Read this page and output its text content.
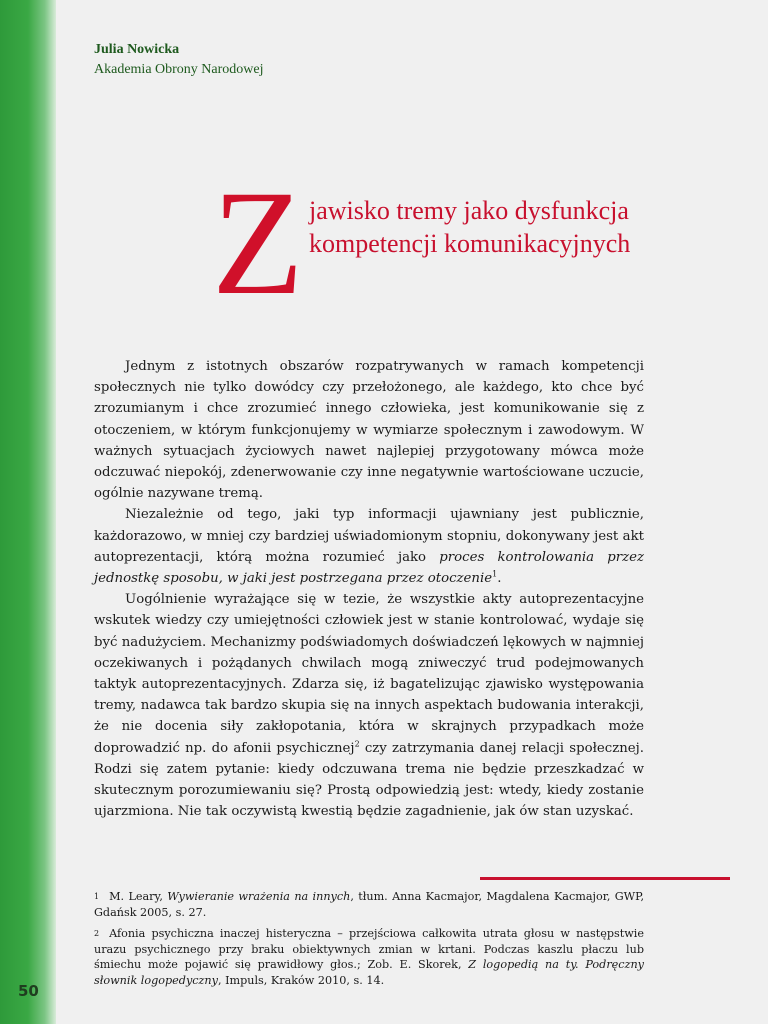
50
Julia Nowicka
Akademia Obrony Narodowej
Z jawisko tremy jako dysfunkcja
kompetencji komunikacyjnych

Jednym z istotnych obszarów rozpatrywanych w ramach kompetencji społecznych nie tylko dowódcy czy przełożonego, ale każdego, kto chce być zrozumianym i chce zrozumieć innego człowieka, jest komunikowanie się z otoczeniem, w którym funkcjonujemy w wymiarze społecznym i zawodowym. W ważnych sytuacjach życiowych nawet najlepiej przygotowany mówca może odczuwać niepokój, zdenerwowanie czy inne negatywnie wartościowane uczucie, ogólnie nazywane tremą.

Niezależnie od tego, jaki typ informacji ujawniany jest publicznie, każdorazowo, w mniej czy bardziej uświadomionym stopniu, dokonywany jest akt autoprezentacji, którą można rozumieć jako proces kontrolowania przez jednostkę sposobu, w jaki jest postrzegana przez otoczenie$^1$.

Uogólnienie wyrażające się w tezie, że wszystkie akty autoprezentacyjne wskutek wiedzy czy umiejętności człowiek jest w stanie kontrolować, wydaje się być nadużyciem. Mechanizmy podświadomych doświadczeń lękowych w najmniej oczekiwanych i pożądanych chwilach mogą zniweczyć trud podejmowanych taktyk autoprezentacyjnych. Zdarza się, iż bagatelizując zjawisko występowania tremy, nadawca tak bardzo skupia się na innych aspektach budowania interakcji, że nie docenia siły zakłopotania, która w skrajnych przypadkach może doprowadzić np. do afonii psychicznej$^2$ czy zatrzymania danej relacji społecznej. Rodzi się zatem pytanie: kiedy odczuwana trema nie będzie przeszkadzać w skutecznym porozumiewaniu się? Prostą odpowiedzią jest: wtedy, kiedy zostanie ujarzmiona. Nie tak oczywistą kwestią będzie zagadnienie, jak ów stan uzyskać.

$^1$ M. Leary, Wywieranie wrażenia na innych, tłum. Anna Kacmajor, Magdalena Kacmajor, GWP, Gdańsk 2005, s. 27.
$^2$ Afonia psychiczna inaczej histeryczna – przejściowa całkowita utrata głosu w następstwie urazu psychicznego przy braku obiektywnych zmian w krtani. Podczas kaszlu płaczu lub śmiechu może pojawić się prawidłowy głos.; Zob. E. Skorek, Z logopedią na ty. Podręczny słownik logopedyczny, Impuls, Kraków 2010, s. 14.
